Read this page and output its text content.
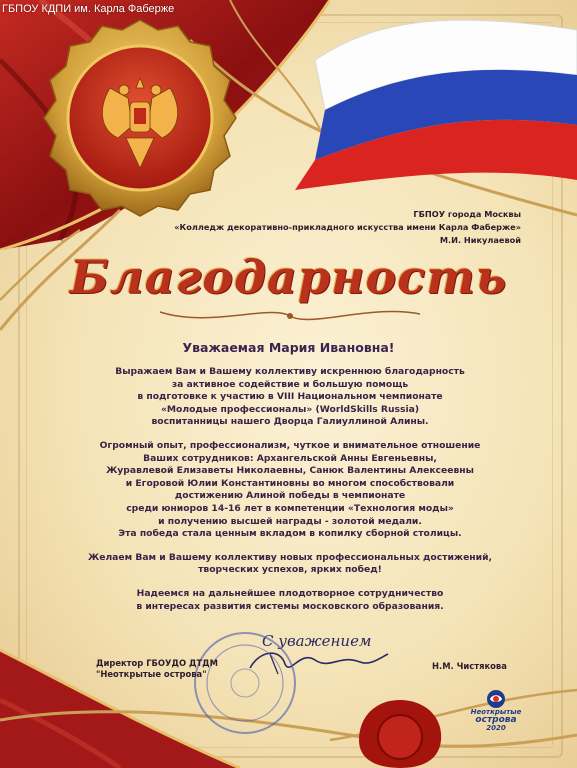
ГБПОУ КДПИ им. Карла Фаберже
ГБПОУ города Москвы
«Колледж декоративно-прикладного искусства имени Карла Фаберже»
М.И. Никулаевой
Благодарность
Уважаемая Мария Ивановна!

Выражаем Вам и Вашему коллективу искреннюю благодарность
за активное содействие и большую помощь
в подготовке к участию в VIII Национальном чемпионате
«Молодые профессионалы» (WorldSkills Russia)
воспитанницы нашего Дворца Галиуллиной Алины.

Огромный опыт, профессионализм, чуткое и внимательное отношение
Ваших сотрудников: Архангельской Анны Евгеньевны,
Журавлевой Елизаветы Николаевны, Санюк Валентины Алексеевны
и Егоровой Юлии Константиновны во многом способствовали
достижению Алиной победы в чемпионате
среди юниоров 14-16 лет в компетенции «Технология моды»
и получению высшей награды - золотой медали.
Эта победа стала ценным вкладом в копилку сборной столицы.

Желаем Вам и Вашему коллективу новых профессиональных достижений,
творческих успехов, ярких побед!

Надеемся на дальнейшее плодотворное сотрудничество
в интересах развития системы московского образования.

С уважением
Директор ГБОУДО ДТДМ
"Неоткрытые острова"
Н.М. Чистякова
Неоткрытые
острова
2020
